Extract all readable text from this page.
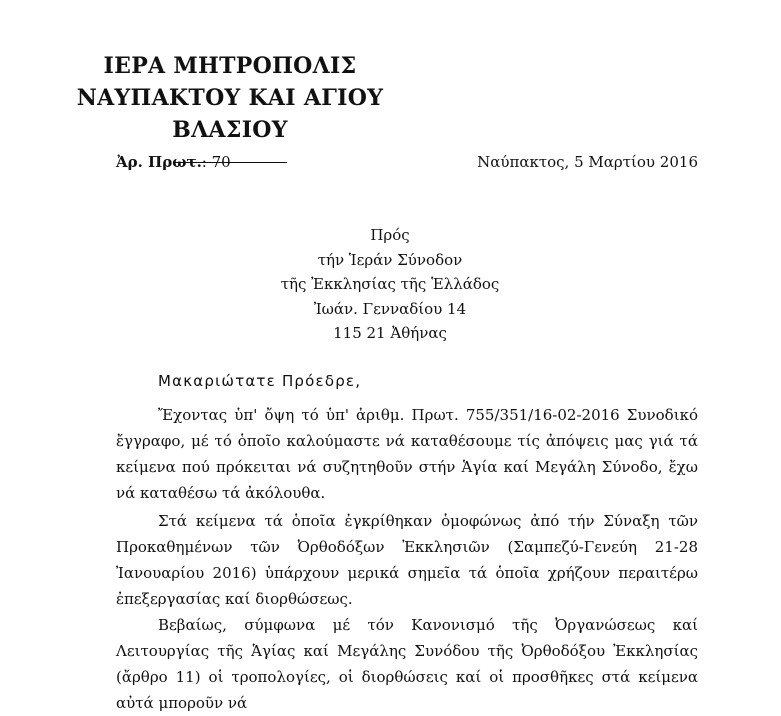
ΙΕΡΑ ΜΗΤΡΟΠΟΛΙΣ
ΝΑΥΠΑΚΤΟΥ ΚΑΙ ΑΓΙΟΥ ΒΛΑΣΙΟΥ
Ἀρ. Πρωτ.: 70	Ναύπακτος, 5 Μαρτίου 2016
Πρός
τήν Ἱεράν Σύνοδον
τῆς Ἐκκλησίας τῆς Ἑλλάδος
Ἰωάν. Γενναδίου 14
115 21 Ἀθήνας
Μακαριώτατε Πρόεδρε,

Ἔχοντας ὑπ' ὄψη τό ὑπ' ἀριθμ. Πρωτ. 755/351/16-02-2016 Συνοδικό ἔγγραφο, μέ τό ὁποῖο καλούμαστε νά καταθέσουμε τίς ἀπόψεις μας γιά τά κείμενα πού πρόκειται νά συζητηθοῦν στήν Ἁγία καί Μεγάλη Σύνοδο, ἔχω νά καταθέσω τά ἀκόλουθα.

Στά κείμενα τά ὁποῖα ἐγκρίθηκαν ὁμοφώνως ἀπό τήν Σύναξη τῶν Προκαθημένων τῶν Ὀρθοδόξων Ἐκκλησιῶν (Σαμπεζύ-Γενεύη 21-28 Ἰανουαρίου 2016) ὑπάρχουν μερικά σημεῖα τά ὁποῖα χρήζουν περαιτέρω ἐπεξεργασίας καί διορθώσεως.

Βεβαίως, σύμφωνα μέ τόν Κανονισμό τῆς Ὀργανώσεως καί Λειτουργίας τῆς Ἁγίας καί Μεγάλης Συνόδου τῆς Ὀρθοδόξου Ἐκκλησίας (ἄρθρο 11) οἱ τροπολογίες, οἱ διορθώσεις καί οἱ προσθῆκες στά κείμενα αὐτά μποροῦν νά
